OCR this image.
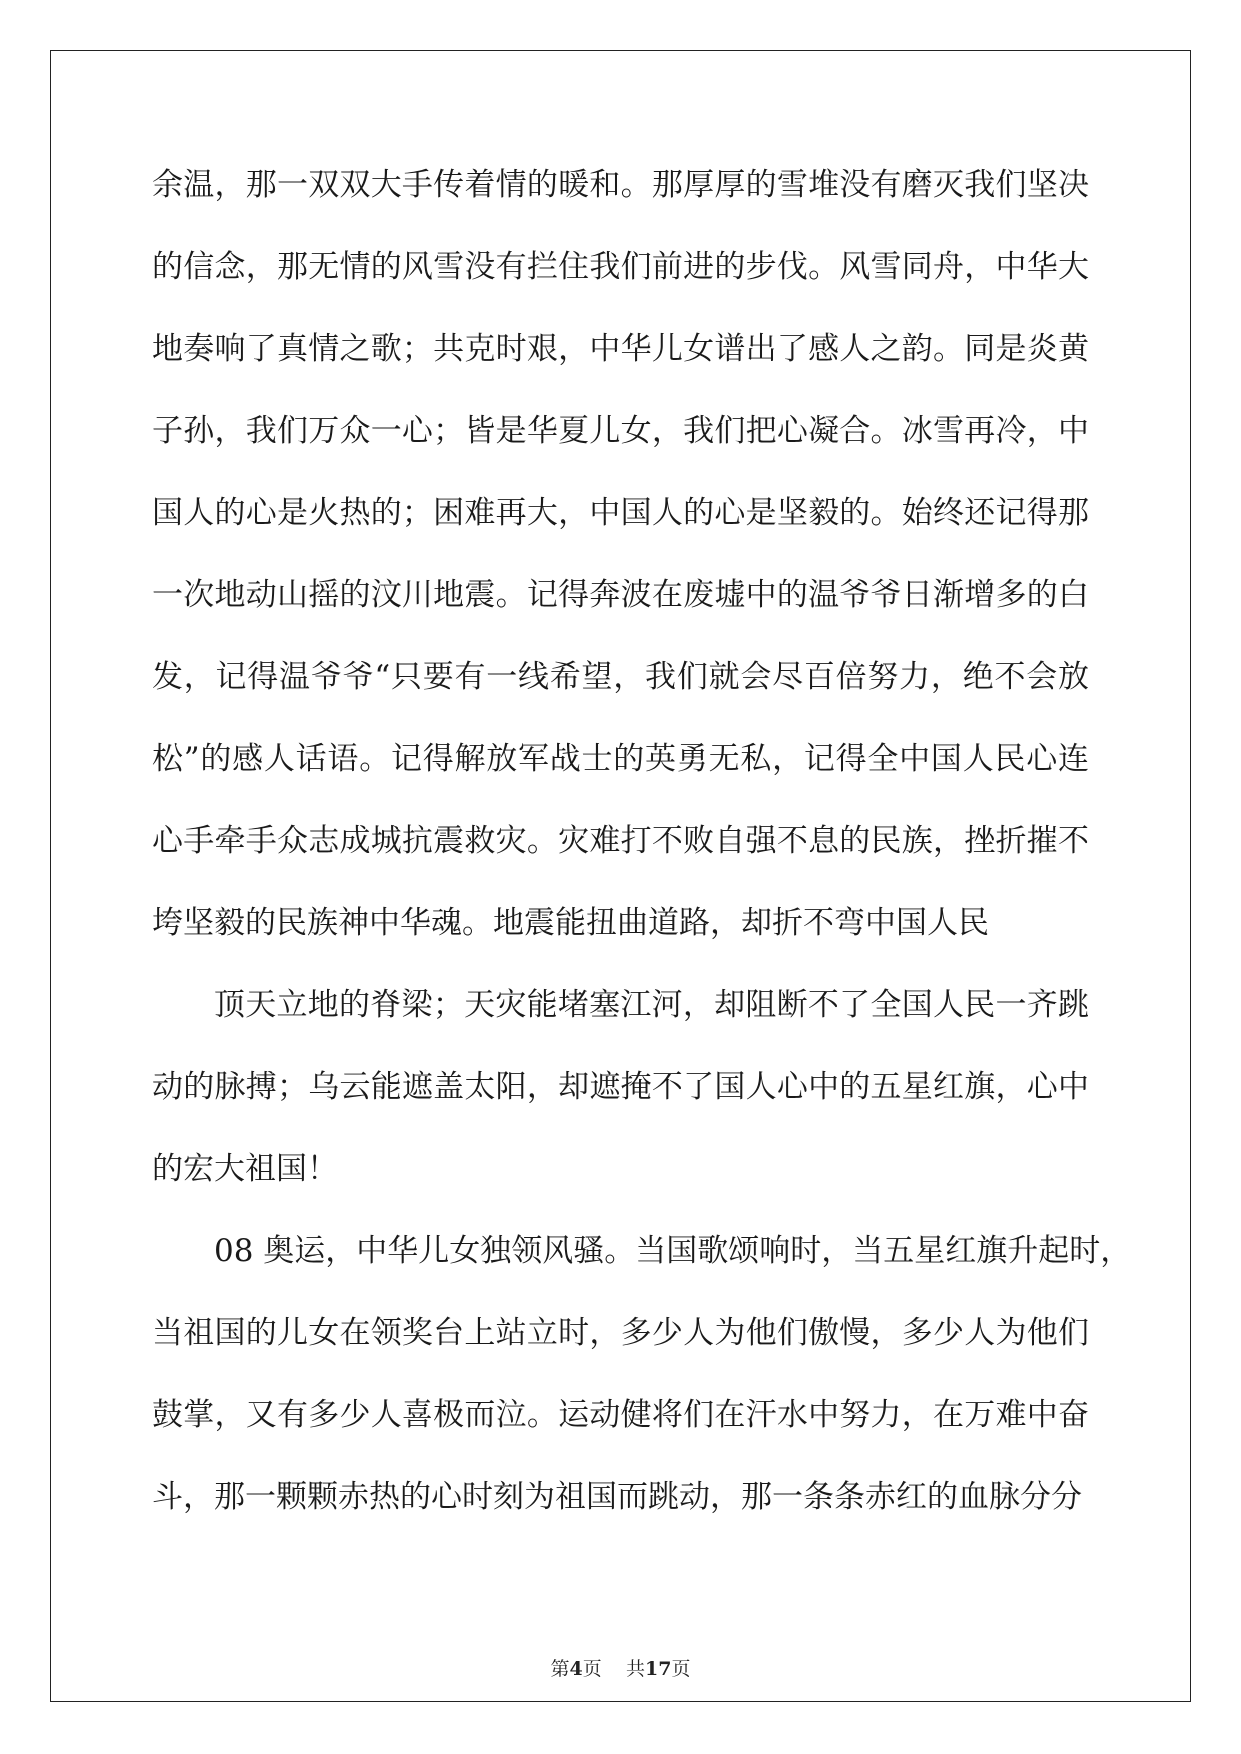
余温，那一双双大手传着情的暖和。那厚厚的雪堆没有磨灭我们坚决
的信念，那无情的风雪没有拦住我们前进的步伐。风雪同舟，中华大
地奏响了真情之歌；共克时艰，中华儿女谱出了感人之韵。同是炎黄
子孙，我们万众一心；皆是华夏儿女，我们把心凝合。冰雪再冷，中
国人的心是火热的；困难再大，中国人的心是坚毅的。始终还记得那
一次地动山摇的汶川地震。记得奔波在废墟中的温爷爷日渐增多的白
发，记得温爷爷“只要有一线希望，我们就会尽百倍努力，绝不会放
松”的感人话语。记得解放军战士的英勇无私，记得全中国人民心连
心手牵手众志成城抗震救灾。灾难打不败自强不息的民族，挫折摧不
垮坚毅的民族神中华魂。地震能扭曲道路，却折不弯中国人民
顶天立地的脊梁；天灾能堵塞江河，却阻断不了全国人民一齐跳
动的脉搏；乌云能遮盖太阳，却遮掩不了国人心中的五星红旗，心中
的宏大祖国！
08 奥运，中华儿女独领风骚。当国歌颂响时，当五星红旗升起时，
当祖国的儿女在领奖台上站立时，多少人为他们傲慢，多少人为他们
鼓掌，又有多少人喜极而泣。运动健将们在汗水中努力，在万难中奋
斗，那一颗颗赤热的心时刻为祖国而跳动，那一条条赤红的血脉分分
第4页 共17页
